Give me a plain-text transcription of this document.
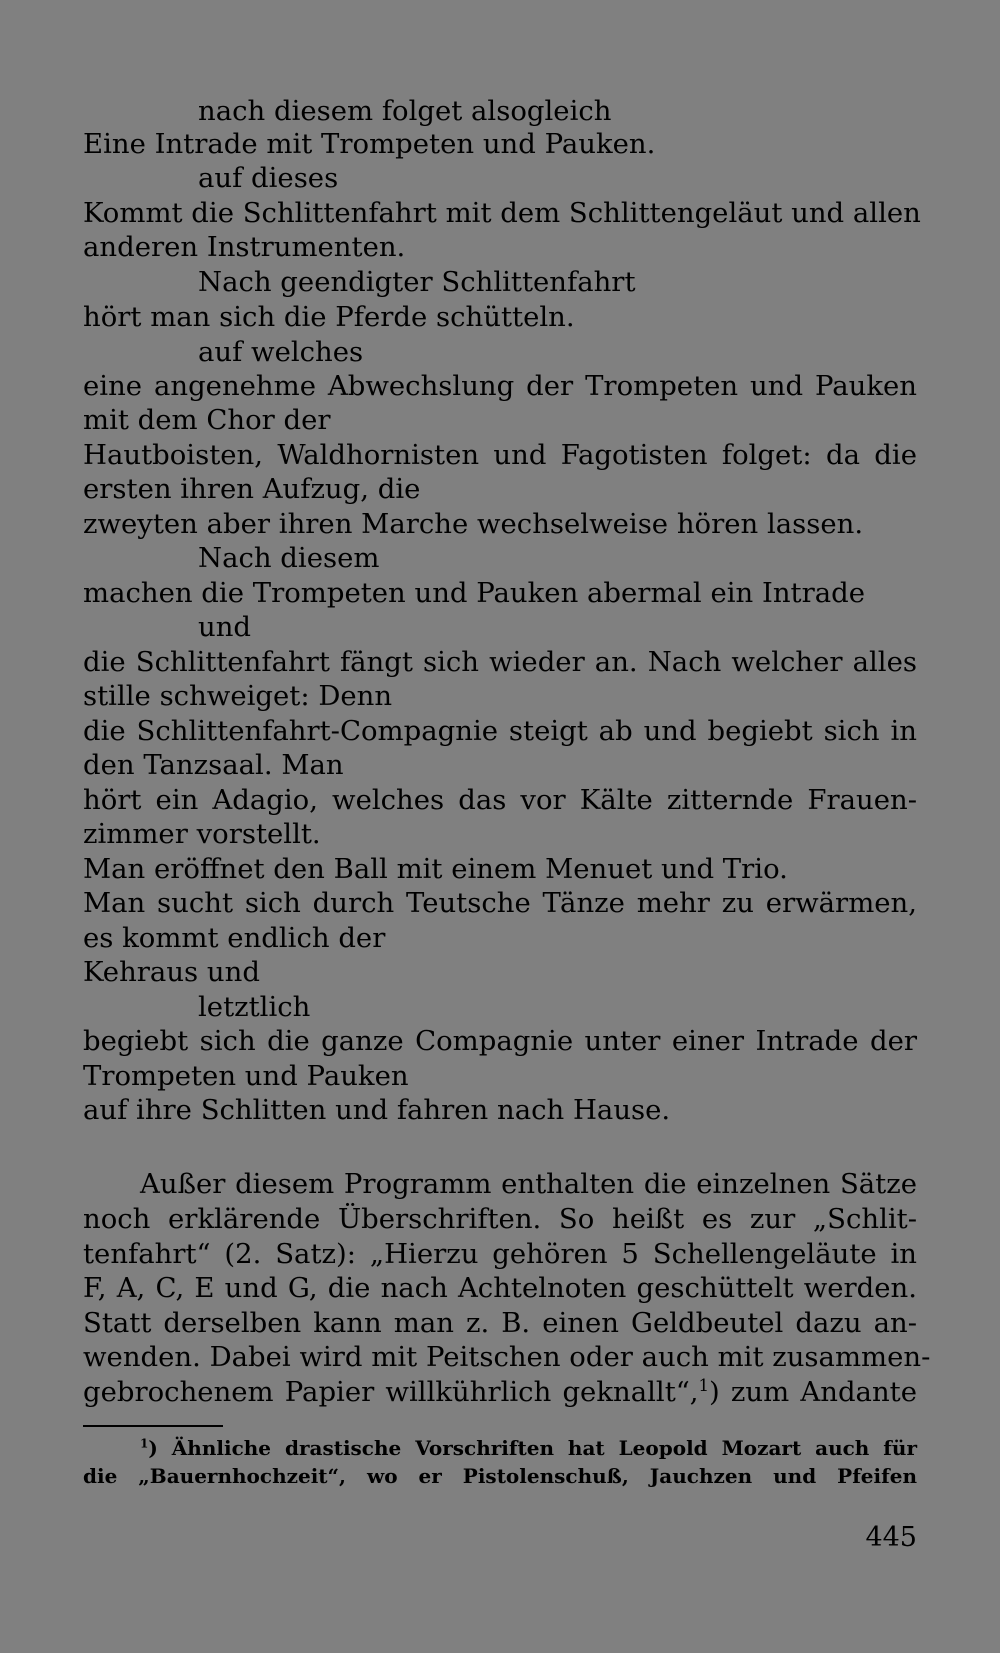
nach diesem folget alsogleich
Eine Intrade mit Trompeten und Pauken.
auf dieses
Kommt die Schlittenfahrt mit dem Schlittengeläut und allen
anderen Instrumenten.
Nach geendigter Schlittenfahrt
hört man sich die Pferde schütteln.
auf welches
eine angenehme Abwechslung der Trompeten und Pauken
mit dem Chor der
Hautboisten, Waldhornisten und Fagotisten folget: da die
ersten ihren Aufzug, die
zweyten aber ihren Marche wechselweise hören lassen.
Nach diesem
machen die Trompeten und Pauken abermal ein Intrade
und
die Schlittenfahrt fängt sich wieder an. Nach welcher alles
stille schweiget: Denn
die Schlittenfahrt-Compagnie steigt ab und begiebt sich in
den Tanzsaal. Man
hört ein Adagio, welches das vor Kälte zitternde Frauen-
zimmer vorstellt.
Man eröffnet den Ball mit einem Menuet und Trio.
Man sucht sich durch Teutsche Tänze mehr zu erwärmen,
es kommt endlich der
Kehraus und
letztlich
begiebt sich die ganze Compagnie unter einer Intrade der
Trompeten und Pauken
auf ihre Schlitten und fahren nach Hause.
Außer diesem Programm enthalten die einzelnen Sätze
noch erklärende Überschriften. So heißt es zur „Schlit-
tenfahrt“ (2. Satz): „Hierzu gehören 5 Schellengeläute in
F, A, C, E und G, die nach Achtelnoten geschüttelt werden.
Statt derselben kann man z. B. einen Geldbeutel dazu an-
wenden. Dabei wird mit Peitschen oder auch mit zusammen-
gebrochenem Papier willkührlich geknallt“,$^1$) zum Andante
$^1$) Ähnliche drastische Vorschriften hat Leopold Mozart auch für
die „Bauernhochzeit“, wo er Pistolenschuß, Jauchzen und Pfeifen
445
